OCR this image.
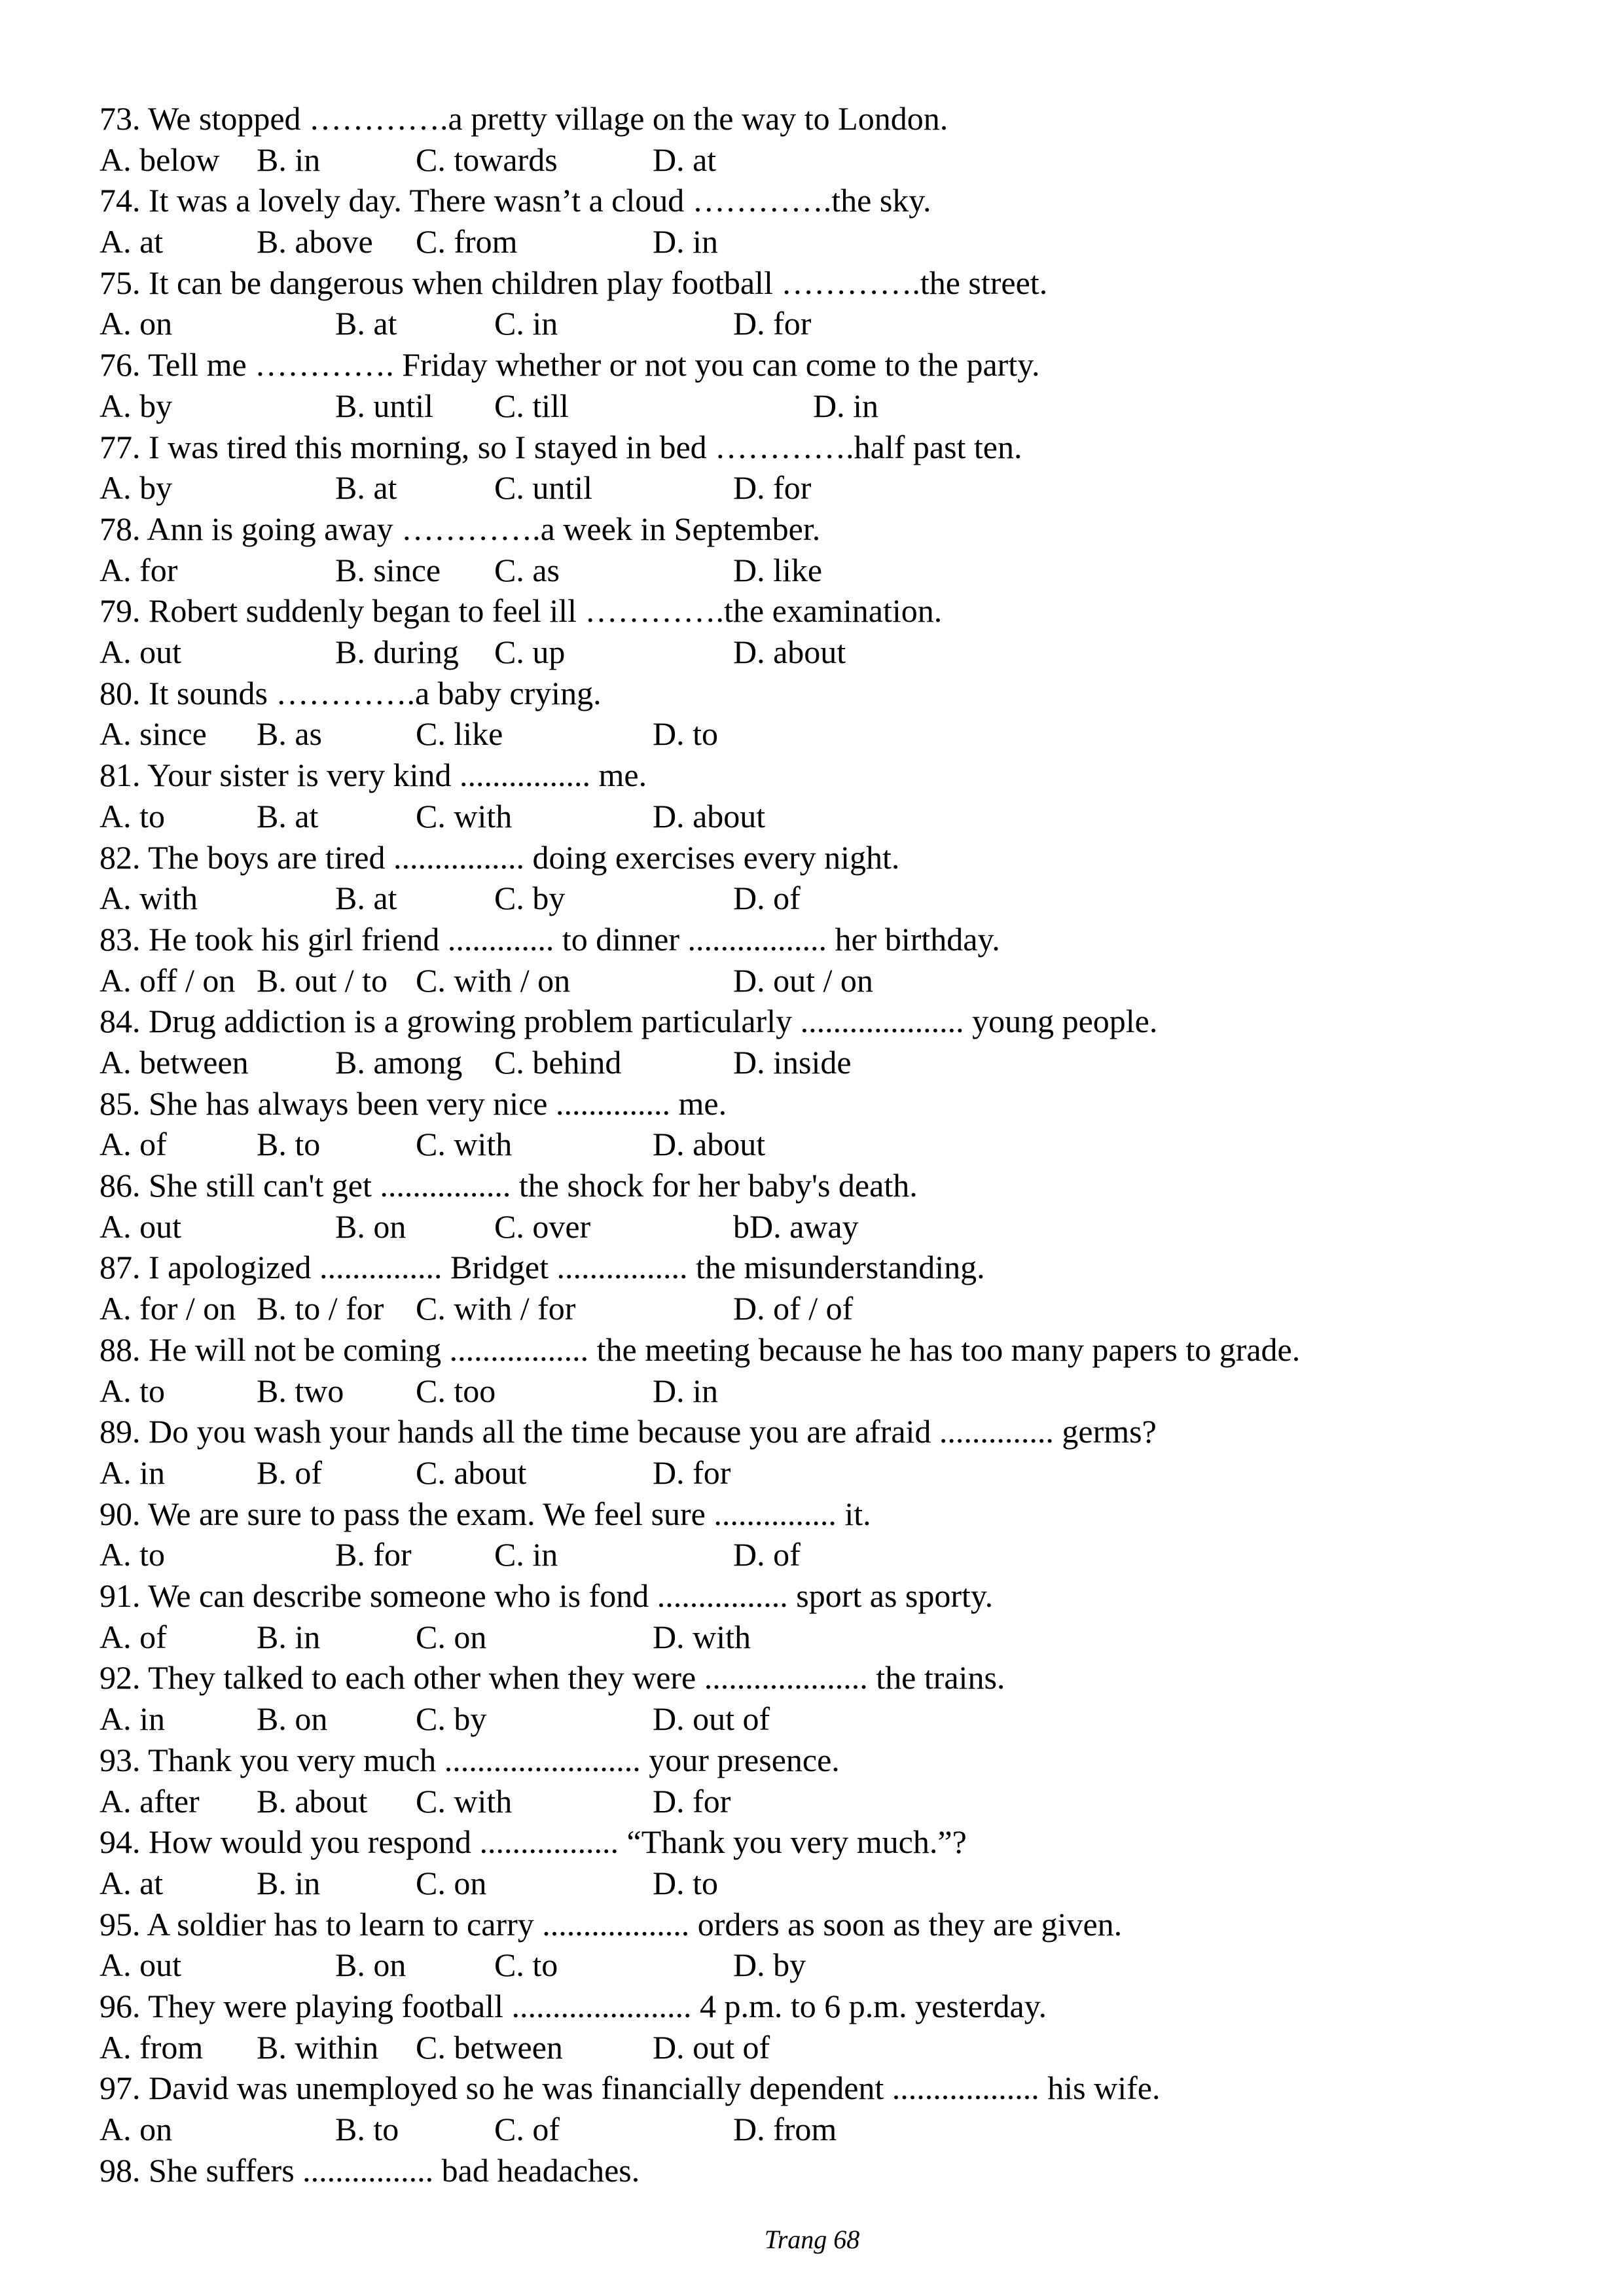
73. We stopped ………….a pretty village on the way to London.
A. below B. in	C. towards	D. at
74. It was a lovely day. There wasn’t a cloud ………….the sky.
A. at	B. above C. from	D. in
75. It can be dangerous when children play football ………….the street.
A. on	B. at	C. in	D. for
76. Tell me …………. Friday whether or not you can come to the party.
A. by	B. until C. till	D. in
77. I was tired this morning, so I stayed in bed ………….half past ten.
A. by	B. at	C. until	D. for
78. Ann is going away ………….a week in September.
A. for	B. since C. as	D. like
79. Robert suddenly began to feel ill ………….the examination.
A. out	B. during C. up	D. about
80. It sounds ………….a baby crying.
A. since B. as	C. like	D. to
81. Your sister is very kind ................ me.
A. to	B. at	C. with	D. about
82. The boys are tired ................ doing exercises every night.
A. with	B. at	C. by	D. of
83. He took his girl friend ............. to dinner ................. her birthday.
A. off / on B. out / to C. with / on	D. out / on
84. Drug addiction is a growing problem particularly .................... young people.
A. between	B. among C. behind	D. inside
85. She has always been very nice .............. me.
A. of	B. to	C. with	D. about
86. She still can't get ................ the shock for her baby's death.
A. out	B. on	C. over	bD. away
87. I apologized ............... Bridget ................ the misunderstanding.
A. for / on B. to / for C. with / for	D. of / of
88. He will not be coming ................. the meeting because he has too many papers to grade.
A. to	B. two C. too	D. in
89. Do you wash your hands all the time because you are afraid .............. germs?
A. in	B. of	C. about	D. for
90. We are sure to pass the exam. We feel sure ............... it.
A. to	B. for	C. in	D. of
91. We can describe someone who is fond ................ sport as sporty.
A. of	B. in	C. on	D. with
92. They talked to each other when they were .................... the trains.
A. in	B. on	C. by	D. out of
93. Thank you very much ........................ your presence.
A. after B. about C. with	D. for
94. How would you respond ................. “Thank you very much.”?
A. at	B. in	C. on	D. to
95. A soldier has to learn to carry .................. orders as soon as they are given.
A. out	B. on	C. to	D. by
96. They were playing football ...................... 4 p.m. to 6 p.m. yesterday.
A. from B. within C. between	D. out of
97. David was unemployed so he was financially dependent .................. his wife.
A. on	B. to	C. of	D. from
98. She suffers ................ bad headaches.
Trang 68
